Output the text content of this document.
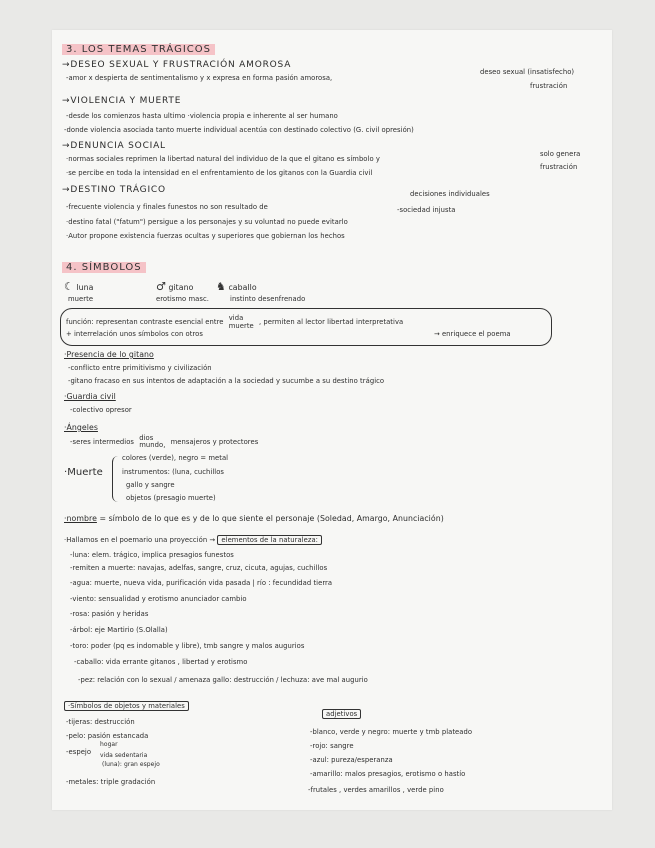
3. LOS TEMAS TRÁGICOS
→DESEO SEXUAL Y FRUSTRACIÓN AMOROSA
-amor x despierta de sentimentalismo y x expresa en forma pasión amorosa,
deseo sexual (insatisfecho)
frustración
→VIOLENCIA Y MUERTE
-desde los comienzos hasta ultimo ·violencia propia e inherente al ser humano
-donde violencia asociada tanto muerte individual acentúa con destinado colectivo (G. civil opresión)
→DENUNCIA SOCIAL
·normas sociales reprimen la libertad natural del individuo de la que el gitano es símbolo y
solo genera
·se percibe en toda la intensidad en el enfrentamiento de los gitanos con la Guardia civil
frustración
→DESTINO TRÁGICO	decisiones individuales
-frecuente violencia y finales funestos no son resultado de	-sociedad injusta
·destino fatal ("fatum") persigue a los personajes y su voluntad no puede evitarlo
·Autor propone existencia fuerzas ocultas y superiores que gobiernan los hechos
4. SÍMBOLOS
☾ luna
muerte
♂ gitano
erotismo masc.
♞ caballo
instinto desenfrenado
función: representan contraste esencial entre vida
muerte , permiten al lector libertad interpretativa
+ interrelación unos símbolos con otros	→ enriquece el poema
·Presencia de lo gitano
-conflicto entre primitivismo y civilización
-gitano fracaso en sus intentos de adaptación a la sociedad y sucumbe a su destino trágico
·Guardia civil
-colectivo opresor
·Ángeles
-seres intermedios dios
mundo, mensajeros y protectores
·Muerte
colores (verde), negro = metal
instrumentos: (luna, cuchillos
gallo y sangre
objetos (presagio muerte)
·nombre = símbolo de lo que es y de lo que siente el personaje (Soledad, Amargo, Anunciación)
·Hallamos en el poemario una proyección → elementos de la naturaleza:
-luna: elem. trágico, implica presagios funestos
-remiten a muerte: navajas, adelfas, sangre, cruz, cicuta, agujas, cuchillos
-agua: muerte, nueva vida, purificación vida pasada | río : fecundidad tierra
-viento: sensualidad y erotismo anunciador cambio
-rosa: pasión y heridas
-árbol: eje Martirio (S.Olalla)
-toro: poder (pq es indomable y libre), tmb sangre y malos augurios
-caballo: vida errante gitanos , libertad y erotismo
-pez: relación con lo sexual / amenaza gallo: destrucción / lechuza: ave mal augurio
·Símbolos de objetos y materiales
-tijeras: destrucción
-pelo: pasión estancada
-espejo
hogar
vida sedentaria
(luna): gran espejo
-metales: triple gradación
adjetivos
-blanco, verde y negro: muerte y tmb plateado
-rojo: sangre
-azul: pureza/esperanza
-amarillo: malos presagios, erotismo o hastío
-frutales , verdes amarillos , verde pino
